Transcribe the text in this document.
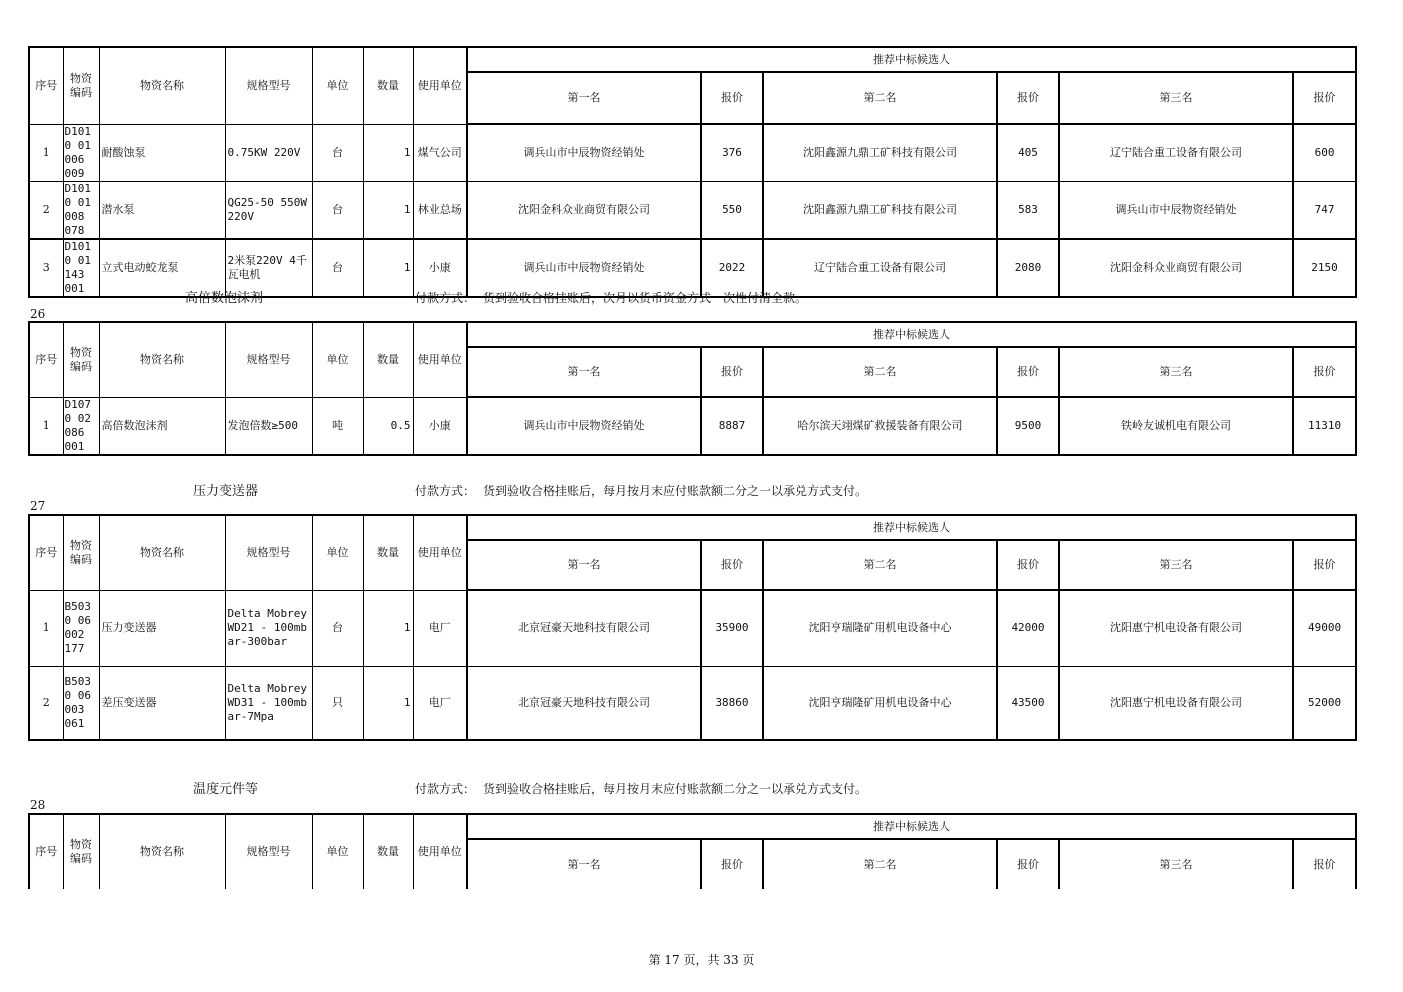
序号	物资编码	物资名称	规格型号	单位	数量	使用单位	推荐中标候选人					
							第一名	报价	第二名	报价	第三名	报价
1	D1010 01006 009	耐酸蚀泵	0.75KW 220V	台	1	煤气公司	调兵山市中辰物资经销处	376	沈阳鑫源九鼎工矿科技有限公司	405	辽宁陆合重工设备有限公司	600
2	D1010 01008 078	潜水泵	QG25-50 550W 220V	台	1	林业总场	沈阳金科众业商贸有限公司	550	沈阳鑫源九鼎工矿科技有限公司	583	调兵山市中辰物资经销处	747
3	D1010 01143 001	立式电动蛟龙泵	2米泵220V 4千瓦电机	台	1	小康	调兵山市中辰物资经销处	2022	辽宁陆合重工设备有限公司	2080	沈阳金科众业商贸有限公司	2150
高倍数泡沫剂	付款方式： 货到验收合格挂账后，次月以货币资金方式一次性付清全款。
26
序号	物资编码	物资名称	规格型号	单位	数量	使用单位	推荐中标候选人					
							第一名	报价	第二名	报价	第三名	报价
1	D1070 02086 001	高倍数泡沫剂	发泡倍数≥500	吨	0.5	小康	调兵山市中辰物资经销处	8887	哈尔滨天翊煤矿救援装备有限公司	9500	铁岭友诚机电有限公司	11310
压力变送器	付款方式： 货到验收合格挂账后，每月按月末应付账款额二分之一以承兑方式支付。
27
序号	物资编码	物资名称	规格型号	单位	数量	使用单位	推荐中标候选人					
							第一名	报价	第二名	报价	第三名	报价
1	B5030 06002 177	压力变送器	Delta Mobrey WD21 - 100mbar-300bar	台	1	电厂	北京冠豪天地科技有限公司	35900	沈阳亨瑞隆矿用机电设备中心	42000	沈阳惠宁机电设备有限公司	49000
2	B5030 06003 061	差压变送器	Delta Mobrey WD31 - 100mbar-7Mpa	只	1	电厂	北京冠豪天地科技有限公司	38860	沈阳亨瑞隆矿用机电设备中心	43500	沈阳惠宁机电设备有限公司	52000
温度元件等	付款方式： 货到验收合格挂账后，每月按月末应付账款额二分之一以承兑方式支付。
28
序号	物资编码	物资名称	规格型号	单位	数量	使用单位	推荐中标候选人					
							第一名	报价	第二名	报价	第三名	报价
第 17 页，共 33 页
